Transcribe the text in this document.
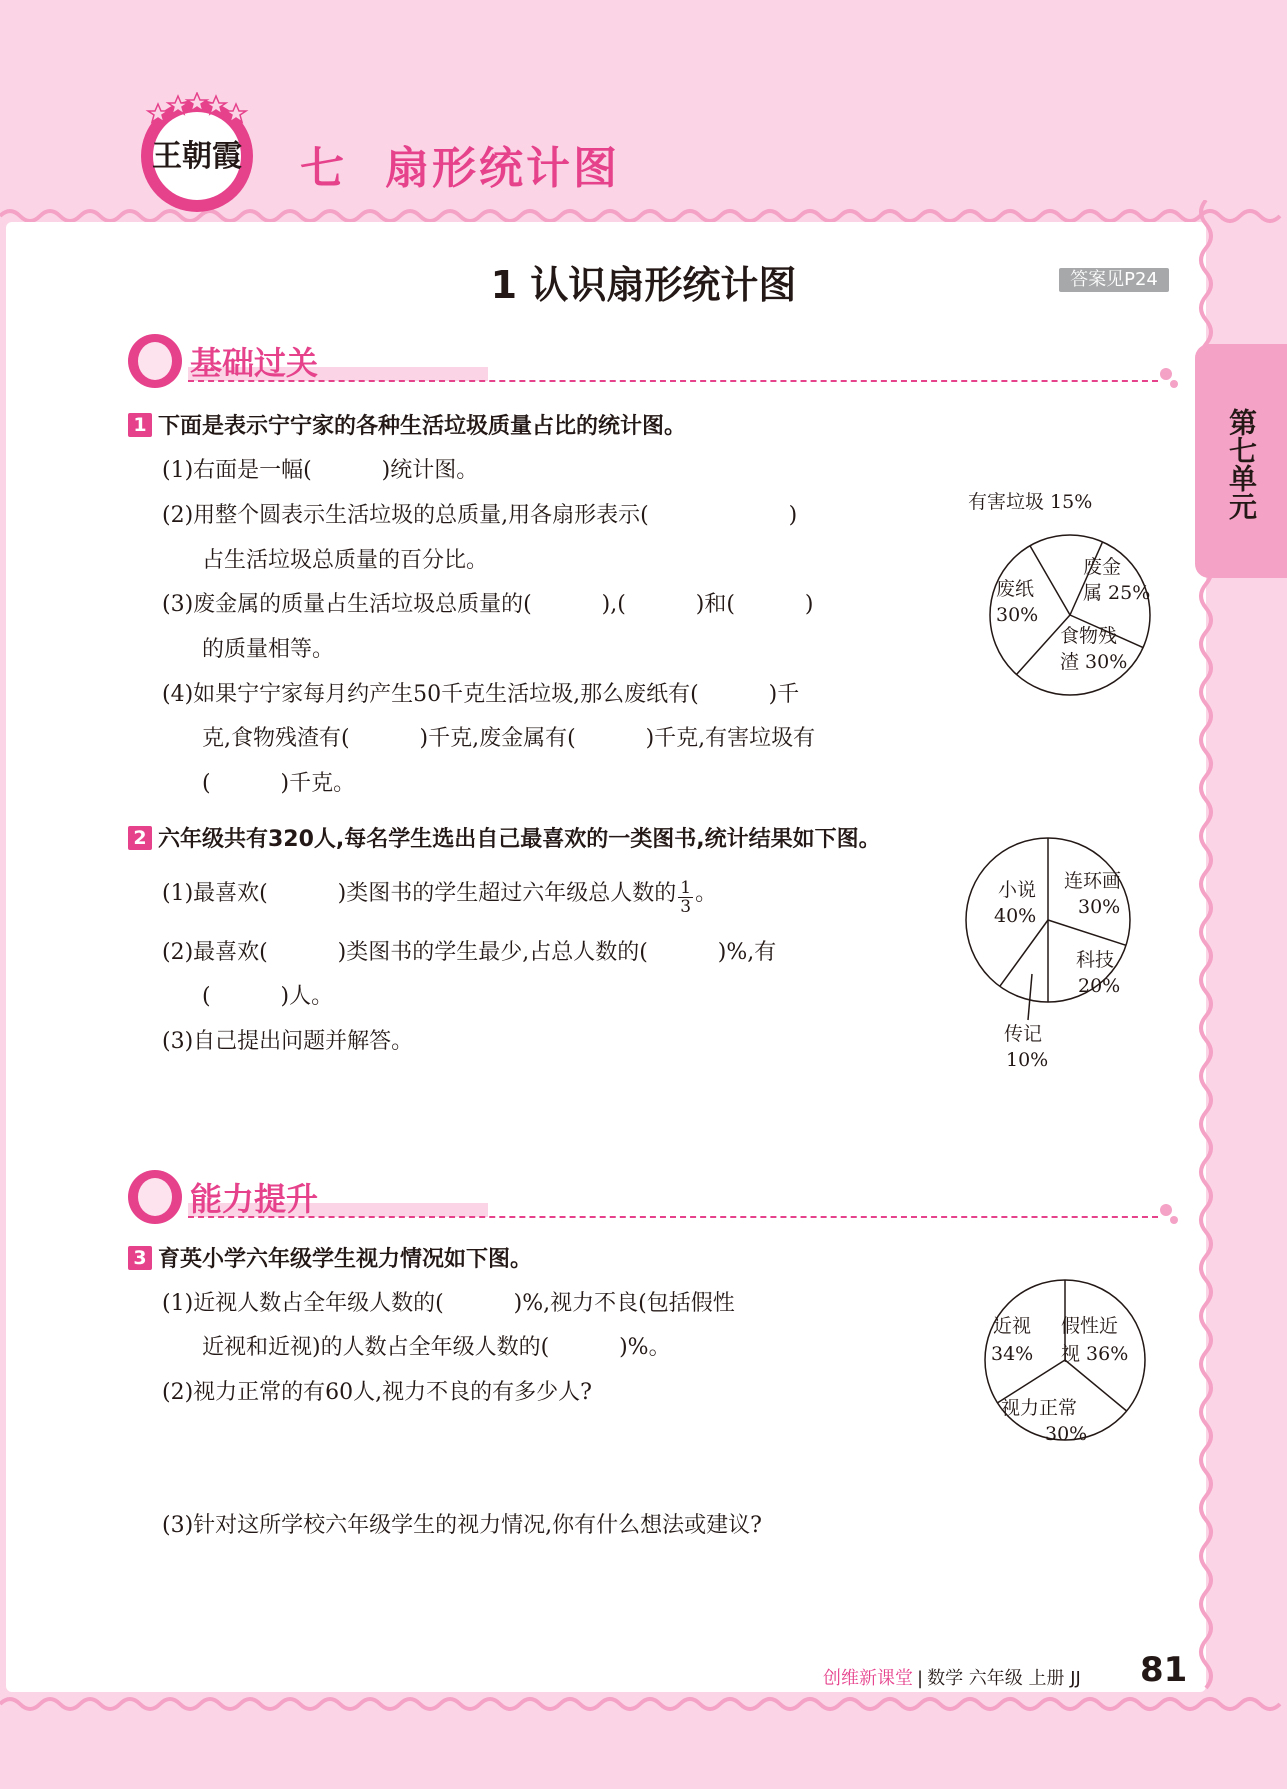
王朝霞 七 扇形统计图
第七单元
1 认识扇形统计图	答案见P24
基础过关
1 下面是表示宁宁家的各种生活垃圾质量占比的统计图。
(1)右面是一幅(          )统计图。
(2)用整个圆表示生活垃圾的总质量,用各扇形表示(                    )
占生活垃圾总质量的百分比。
(3)废金属的质量占生活垃圾总质量的(          ),(          )和(          )
的质量相等。
(4)如果宁宁家每月约产生50千克生活垃圾,那么废纸有(          )千
克,食物残渣有(          )千克,废金属有(          )千克,有害垃圾有
(          )千克。
有害垃圾 15%
废金
属 25%
废纸
30%
食物残
渣 30%
2 六年级共有320人,每名学生选出自己最喜欢的一类图书,统计结果如下图。
(1)最喜欢(          )类图书的学生超过六年级总人数的 $\frac{1}{3}$ 。
(2)最喜欢(          )类图书的学生最少,占总人数的(          )%,有
(          )人。
(3)自己提出问题并解答。
小说
40%
连环画
30%
科技
20%
传记
10%
能力提升
3 育英小学六年级学生视力情况如下图。
(1)近视人数占全年级人数的(          )%,视力不良(包括假性
近视和近视)的人数占全年级人数的(          )%。
(2)视力正常的有60人,视力不良的有多少人?
(3)针对这所学校六年级学生的视力情况,你有什么想法或建议?
近视
34%
假性近
视 36%
视力正常
30%
创维新课堂 | 数学 六年级 上册 JJ 81
